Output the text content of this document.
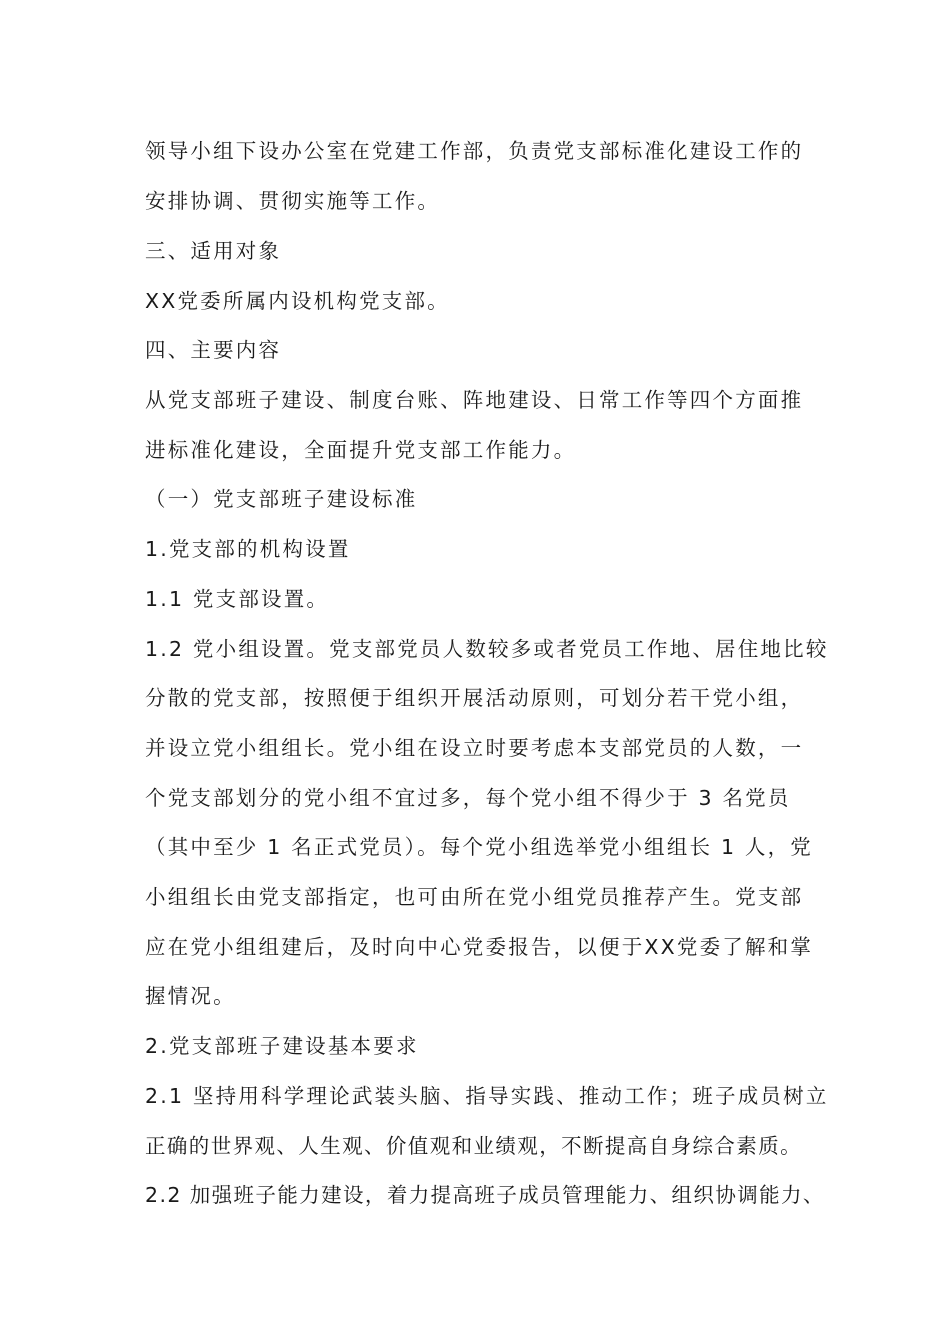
领导小组下设办公室在党建工作部，负责党支部标准化建设工作的
安排协调、贯彻实施等工作。
三、适用对象
XX党委所属内设机构党支部。
四、主要内容
从党支部班子建设、制度台账、阵地建设、日常工作等四个方面推
进标准化建设，全面提升党支部工作能力。
（一）党支部班子建设标准
1.党支部的机构设置
1.1 党支部设置。
1.2 党小组设置。党支部党员人数较多或者党员工作地、居住地比较
分散的党支部，按照便于组织开展活动原则，可划分若干党小组，
并设立党小组组长。党小组在设立时要考虑本支部党员的人数，一
个党支部划分的党小组不宜过多，每个党小组不得少于 3 名党员
（其中至少 1 名正式党员）。每个党小组选举党小组组长 1 人，党
小组组长由党支部指定，也可由所在党小组党员推荐产生。党支部
应在党小组组建后，及时向中心党委报告，以便于XX党委了解和掌
握情况。
2.党支部班子建设基本要求
2.1 坚持用科学理论武装头脑、指导实践、推动工作；班子成员树立
正确的世界观、人生观、价值观和业绩观，不断提高自身综合素质。
2.2 加强班子能力建设，着力提高班子成员管理能力、组织协调能力、
